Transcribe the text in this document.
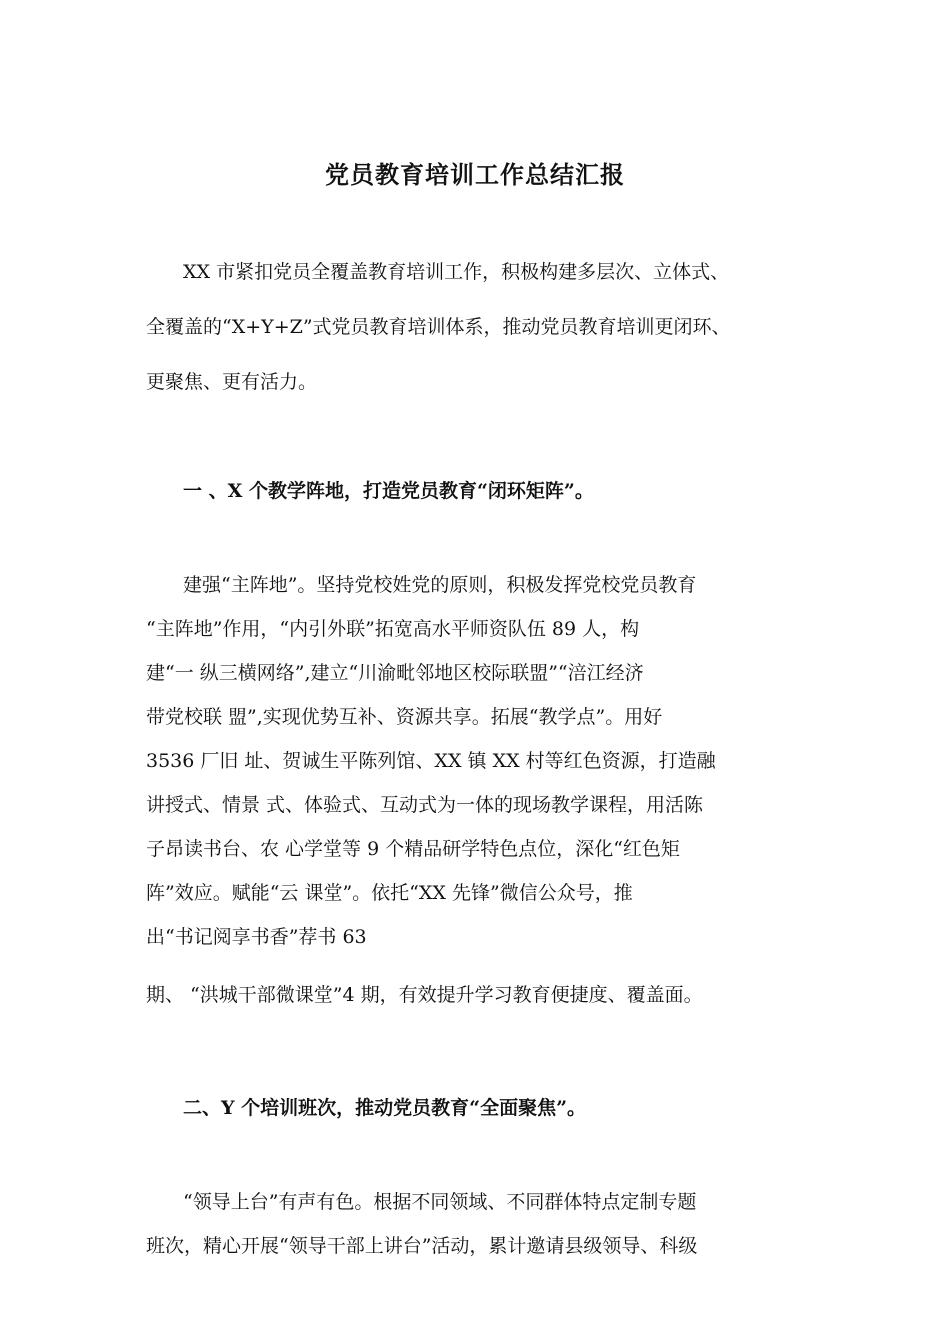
党员教育培训工作总结汇报
XX 市紧扣党员全覆盖教育培训工作，积极构建多层次、立体式、
全覆盖的“X+Y+Z”式党员教育培训体系，推动党员教育培训更闭环、
更聚焦、更有活力。
一 、X 个教学阵地，打造党员教育“闭环矩阵”。
建强“主阵地”。坚持党校姓党的原则，积极发挥党校党员教育
“主阵地”作用，“内引外联”拓宽高水平师资队伍 89 人，构
建“一 纵三横网络”,建立“川渝毗邻地区校际联盟”“涪江经济
带党校联 盟”,实现优势互补、资源共享。拓展“教学点”。用好
3536 厂旧 址、贺诚生平陈列馆、XX 镇 XX 村等红色资源，打造融
讲授式、情景 式、体验式、互动式为一体的现场教学课程，用活陈
子昂读书台、农 心学堂等 9 个精品研学特色点位，深化“红色矩
阵”效应。赋能“云 课堂”。依托“XX 先锋”微信公众号，推
出“书记阅享书香”荐书 63
期、 “洪城干部微课堂”4 期，有效提升学习教育便捷度、覆盖面。
二、Y 个培训班次，推动党员教育“全面聚焦”。
“领导上台”有声有色。根据不同领域、不同群体特点定制专题
班次，精心开展“领导干部上讲台”活动，累计邀请县级领导、科级
